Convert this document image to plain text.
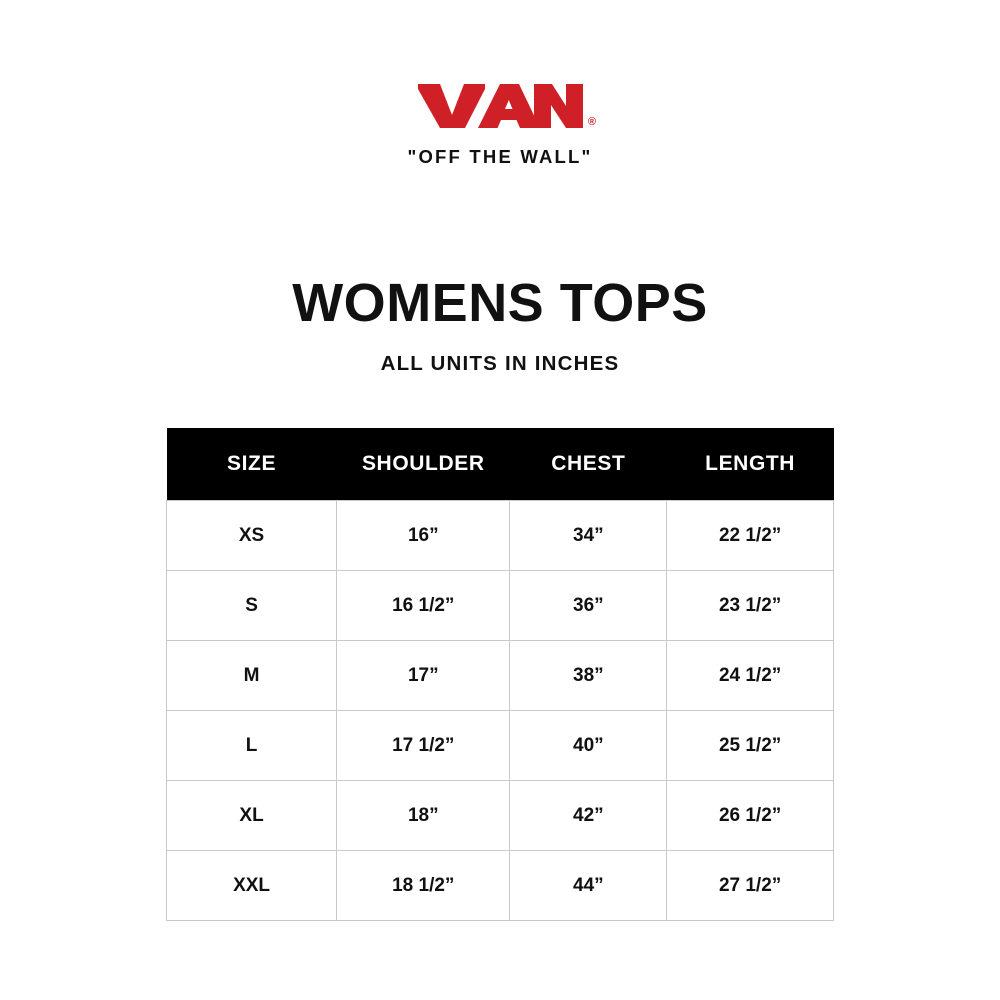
®
"OFF THE WALL"
WOMENS TOPS
ALL UNITS IN INCHES
SIZE	SHOULDER	CHEST	LENGTH
XS	16”	34”	22 1/2”
S	16 1/2”	36”	23 1/2”
M	17”	38”	24 1/2”
L	17 1/2”	40”	25 1/2”
XL	18”	42”	26 1/2”
XXL	18 1/2”	44”	27 1/2”
